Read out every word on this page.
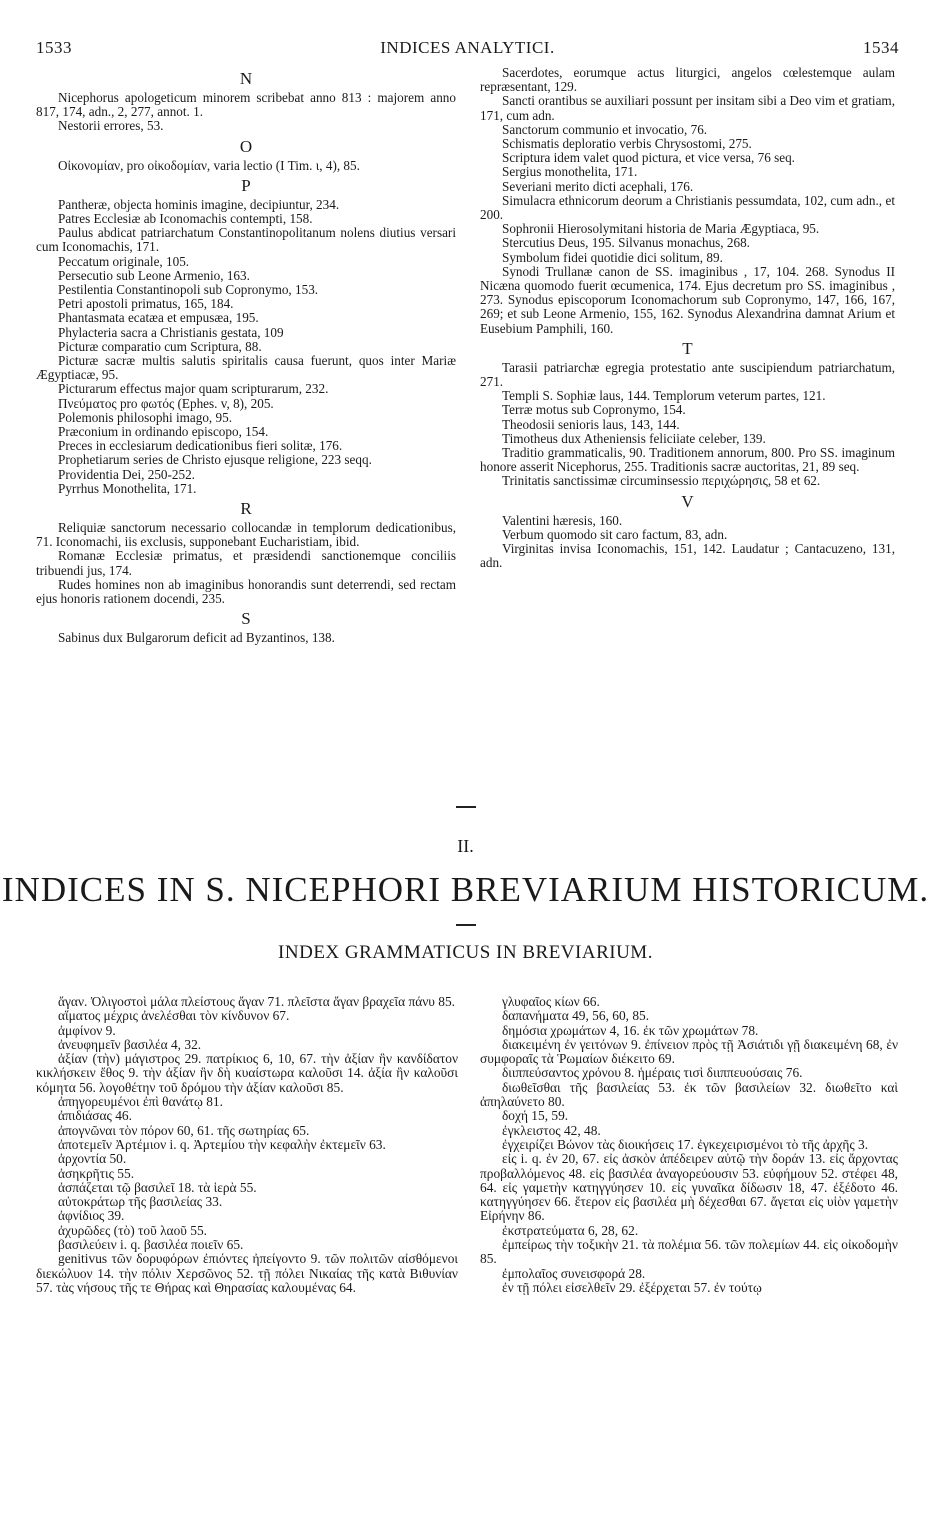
1533	INDICES ANALYTICI.	1534
N

Nicephorus apologeticum minorem scribebat anno 813 : majorem anno 817, 174, adn., 2, 277, annot. 1.

Nestorii errores, 53.

O

Οἰκονομίαν, pro οἰκοδομίαν, varia lectio (I Tim. ι, 4), 85.

P

Pantheræ, objecta hominis imagine, decipiuntur, 234.

Patres Ecclesiæ ab Iconomachis contempti, 158.

Paulus abdicat patriarchatum Constantinopolitanum nolens diutius versari cum Iconomachis, 171.

Peccatum originale, 105.

Persecutio sub Leone Armenio, 163.

Pestilentia Constantinopoli sub Copronymo, 153.

Petri apostoli primatus, 165, 184.

Phantasmata ecatæa et empusæa, 195.

Phylacteria sacra a Christianis gestata, 109

Picturæ comparatio cum Scriptura, 88.

Picturæ sacræ multis salutis spiritalis causa fuerunt, quos inter Mariæ Ægyptiacæ, 95.

Picturarum effectus major quam scripturarum, 232.

Πνεύματος pro φωτός (Ephes. v, 8), 205.

Polemonis philosophi imago, 95.

Præconium in ordinando episcopo, 154.

Preces in ecclesiarum dedicationibus fieri solitæ, 176.

Prophetiarum series de Christo ejusque religione, 223 seqq.

Providentia Dei, 250-252.

Pyrrhus Monothelita, 171.

R

Reliquiæ sanctorum necessario collocandæ in templorum dedicationibus, 71. Iconomachi, iis exclusis, supponebant Eucharistiam, ibid.

Romanæ Ecclesiæ primatus, et præsidendi sanctionemque conciliis tribuendi jus, 174.

Rudes homines non ab imaginibus honorandis sunt deterrendi, sed rectam ejus honoris rationem docendi, 235.

S

Sabinus dux Bulgarorum deficit ad Byzantinos, 138.

Sacerdotes, eorumque actus liturgici, angelos cœlestemque aulam repræsentant, 129.

Sancti orantibus se auxiliari possunt per insitam sibi a Deo vim et gratiam, 171, cum adn.

Sanctorum communio et invocatio, 76.

Schismatis deploratio verbis Chrysostomi, 275.

Scriptura idem valet quod pictura, et vice versa, 76 seq.

Sergius monothelita, 171.

Severiani merito dicti acephali, 176.

Simulacra ethnicorum deorum a Christianis pessumdata, 102, cum adn., et 200.

Sophronii Hierosolymitani historia de Maria Ægyptiaca, 95.

Stercutius Deus, 195. Silvanus monachus, 268.

Symbolum fidei quotidie dici solitum, 89.

Synodi Trullanæ canon de SS. imaginibus , 17, 104. 268. Synodus II Nicæna quomodo fuerit œcumenica, 174. Ejus decretum pro SS. imaginibus , 273. Synodus episcoporum Iconomachorum sub Copronymo, 147, 166, 167, 269; et sub Leone Armenio, 155, 162. Synodus Alexandrina damnat Arium et Eusebium Pamphili, 160.

T

Tarasii patriarchæ egregia protestatio ante suscipiendum patriarchatum, 271.

Templi S. Sophiæ laus, 144. Templorum veterum partes, 121.

Terræ motus sub Copronymo, 154.

Theodosii senioris laus, 143, 144.

Timotheus dux Atheniensis feliciiate celeber, 139.

Traditio grammaticalis, 90. Traditionem annorum, 800. Pro SS. imaginum honore asserit Nicephorus, 255. Traditionis sacræ auctoritas, 21, 89 seq.

Trinitatis sanctissimæ circuminsessio περιχώρησις, 58 et 62.

V

Valentini hæresis, 160.

Verbum quomodo sit caro factum, 83, adn.

Virginitas invisa Iconomachis, 151, 142. Laudatur ; Cantacuzeno, 131, adn.

II.
INDICES IN S. NICEPHORI BREVIARIUM HISTORICUM.
INDEX GRAMMATICUS IN BREVIARIUM.

ἄγαν. Ὀλιγοστοὶ μάλα πλείστους ἄγαν 71. πλεῖστα ἄγαν βραχεῖα πάνυ 85.

αἵματος μέχρις ἀνελέσθαι τὸν κίνδυνον 67.

ἀμφίνον 9.

ἀνευφημεῖν βασιλέα 4, 32.

ἀξίαν (τὴν) μάγιστρος 29. πατρίκιος 6, 10, 67. τὴν ἀξίαν ἣν κανδίδατον κικλήσκειν ἔθος 9. τὴν ἀξίαν ἣν δὴ κυαίστωρα καλοῦσι 14. ἀξία ἣν καλοῦσι κόμητα 56. λογοθέτην τοῦ δρόμου τὴν ἀξίαν καλοῦσι 85.

ἀπηγορευμένοι ἐπὶ θανάτῳ 81.

ἀπιδιάσας 46.

ἀπογνῶναι τὸν πόρον 60, 61. τῆς σωτηρίας 65.

ἀποτεμεῖν Ἀρτέμιον i. q. Ἀρτεμίου τὴν κεφαλὴν ἐκτεμεῖν 63.

ἀρχοντία 50.

ἀσηκρῆτις 55.

ἀσπάζεται τῷ βασιλεῖ 18. τὰ ἱερὰ 55.

αὐτοκράτωρ τῆς βασιλείας 33.

ἀφνίδιος 39.

ἀχυρῶδες (τὸ) τοῦ λαοῦ 55.

βασιλεύειν i. q. βασιλέα ποιεῖν 65.

genitivus τῶν δορυφόρων ἐπιόντες ἠπείγοντο 9. τῶν πολιτῶν αἰσθόμενοι διεκώλυον 14. τὴν πόλιν Χερσῶνος 52. τῇ πόλει Νικαίας τῆς κατὰ Βιθυνίαν 57. τὰς νήσους τῆς τε Θήρας καὶ Θηρασίας καλουμένας 64.

γλυφαῖος κίων 66.

δαπανήματα 49, 56, 60, 85.

δημόσια χρωμάτων 4, 16. ἐκ τῶν χρωμάτων 78.

διακειμένη ἐν γειτόνων 9. ἐπίνειον πρὸς τῇ Ἀσιάτιδι γῇ διακειμένη 68, ἐν συμφοραῖς τὰ Ῥωμαίων διέκειτο 69.

διιππεύσαντος χρόνου 8. ἡμέραις τισὶ διιππευούσαις 76.

διωθεῖσθαι τῆς βασιλείας 53. ἐκ τῶν βασιλείων 32. διωθεῖτο καὶ ἀπηλαύνετο 80.

δοχή 15, 59.

ἐγκλειστος 42, 48.

ἐγχειρίζει Βώνον τὰς διοικήσεις 17. ἐγκεχειρισμένοι τὸ τῆς ἀρχῆς 3.

εἰς i. q. ἐν 20, 67. εἰς ἀσκὸν ἀπέδειρεν αὐτῷ τὴν δοράν 13. εἰς ἄρχοντας προβαλλόμενος 48. εἰς βασιλέα ἀναγορεύουσιν 53. εὐφήμουν 52. στέφει 48, 64. εἰς γαμετὴν κατηγγύησεν 10. εἰς γυναῖκα δίδωσιν 18, 47. ἐξέδοτο 46. κατηγγύησεν 66. ἕτερον εἰς βασιλέα μὴ δέχεσθαι 67. ἄγεται εἰς υἱὸν γαμετὴν Εἰρήνην 86.

ἐκστρατεύματα 6, 28, 62.

ἐμπείρως τὴν τοξικὴν 21. τὰ πολέμια 56. τῶν πολεμίων 44. εἰς οἰκοδομὴν 85.

ἐμπολαῖος συνεισφορά 28.

ἐν τῇ πόλει εἰσελθεῖν 29. ἐξέρχεται 57. ἐν τούτῳ
